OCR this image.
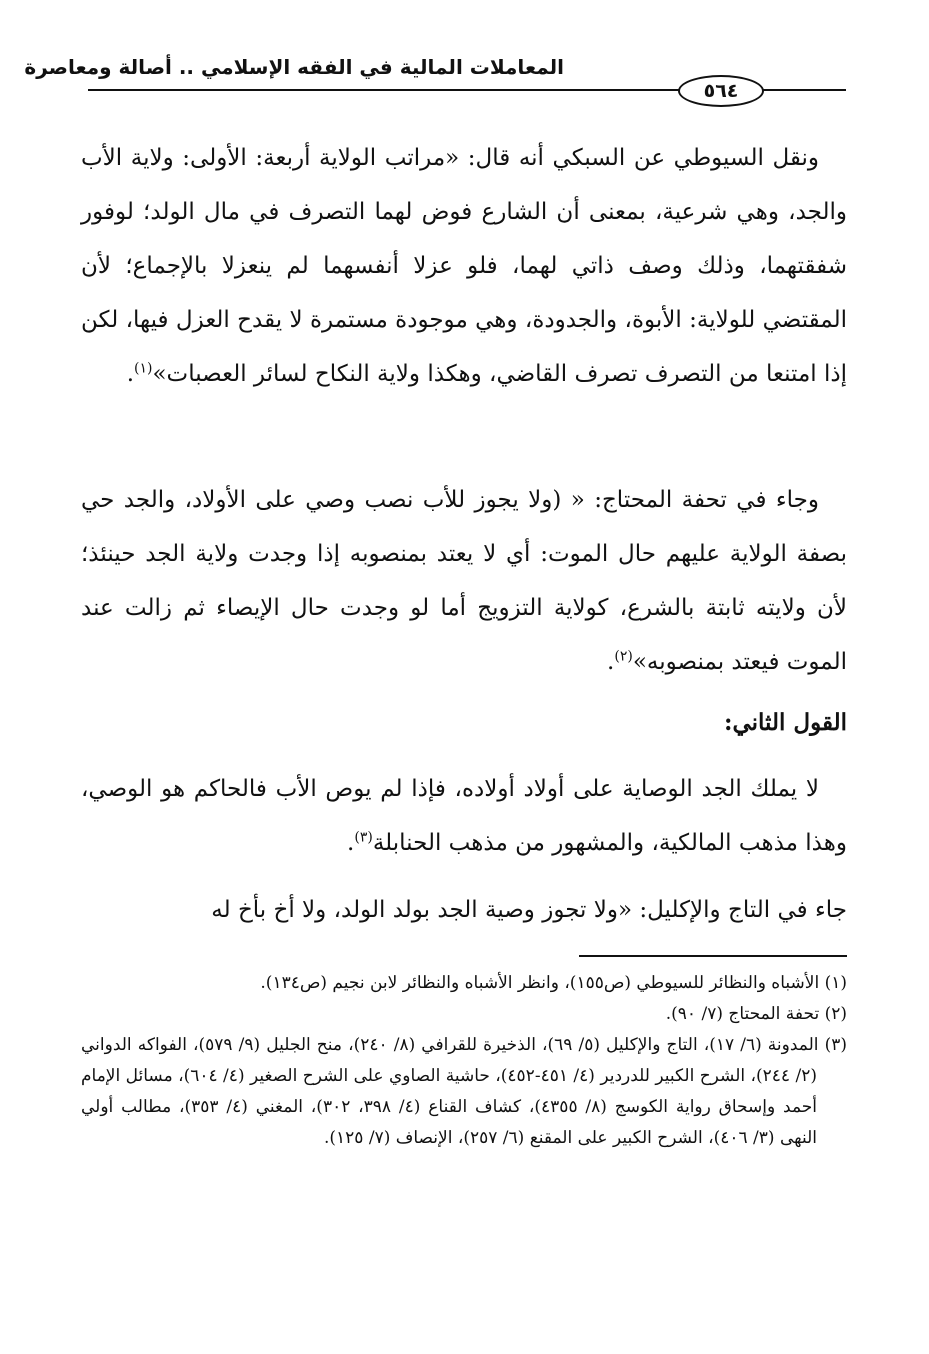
المعاملات المالية في الفقه الإسلامي .. أصالة ومعاصرة
٥٦٤

ونقل السيوطي عن السبكي أنه قال: «مراتب الولاية أربعة: الأولى: ولاية الأب والجد، وهي شرعية، بمعنى أن الشارع فوض لهما التصرف في مال الولد؛ لوفور شفقتهما، وذلك وصف ذاتي لهما، فلو عزلا أنفسهما لم ينعزلا بالإجماع؛ لأن المقتضي للولاية: الأبوة، والجدودة، وهي موجودة مستمرة لا يقدح العزل فيها، لكن إذا امتنعا من التصرف تصرف القاضي، وهكذا ولاية النكاح لسائر العصبات»$^{(١)}$.

وجاء في تحفة المحتاج: « (ولا يجوز للأب نصب وصي على الأولاد، والجد حي بصفة الولاية عليهم حال الموت: أي لا يعتد بمنصوبه إذا وجدت ولاية الجد حينئذ؛ لأن ولايته ثابتة بالشرع، كولاية التزويج أما لو وجدت حال الإيصاء ثم زالت عند الموت فيعتد بمنصوبه»$^{(٢)}$.

القول الثاني:

لا يملك الجد الوصاية على أولاد أولاده، فإذا لم يوص الأب فالحاكم هو الوصي، وهذا مذهب المالكية، والمشهور من مذهب الحنابلة$^{(٣)}$.

جاء في التاج والإكليل: «ولا تجوز وصية الجد بولد الولد، ولا أخ بأخ له

(١) الأشباه والنظائر للسيوطي (ص١٥٥)، وانظر الأشباه والنظائر لابن نجيم (ص١٣٤).

(٢) تحفة المحتاج (٧/ ٩٠).

(٣) المدونة (٦/ ١٧)، التاج والإكليل (٥/ ٦٩)، الذخيرة للقرافي (٨/ ٢٤٠)، منح الجليل (٩/ ٥٧٩)، الفواكه الدواني (٢/ ٢٤٤)، الشرح الكبير للدردير (٤/ ٤٥١-٤٥٢)، حاشية الصاوي على الشرح الصغير (٤/ ٦٠٤)، مسائل الإمام أحمد وإسحاق رواية الكوسج (٨/ ٤٣٥٥)، كشاف القناع (٤/ ٣٩٨، ٣٠٢)، المغني (٤/ ٣٥٣)، مطالب أولي النهى (٣/ ٤٠٦)، الشرح الكبير على المقنع (٦/ ٢٥٧)، الإنصاف (٧/ ١٢٥).
